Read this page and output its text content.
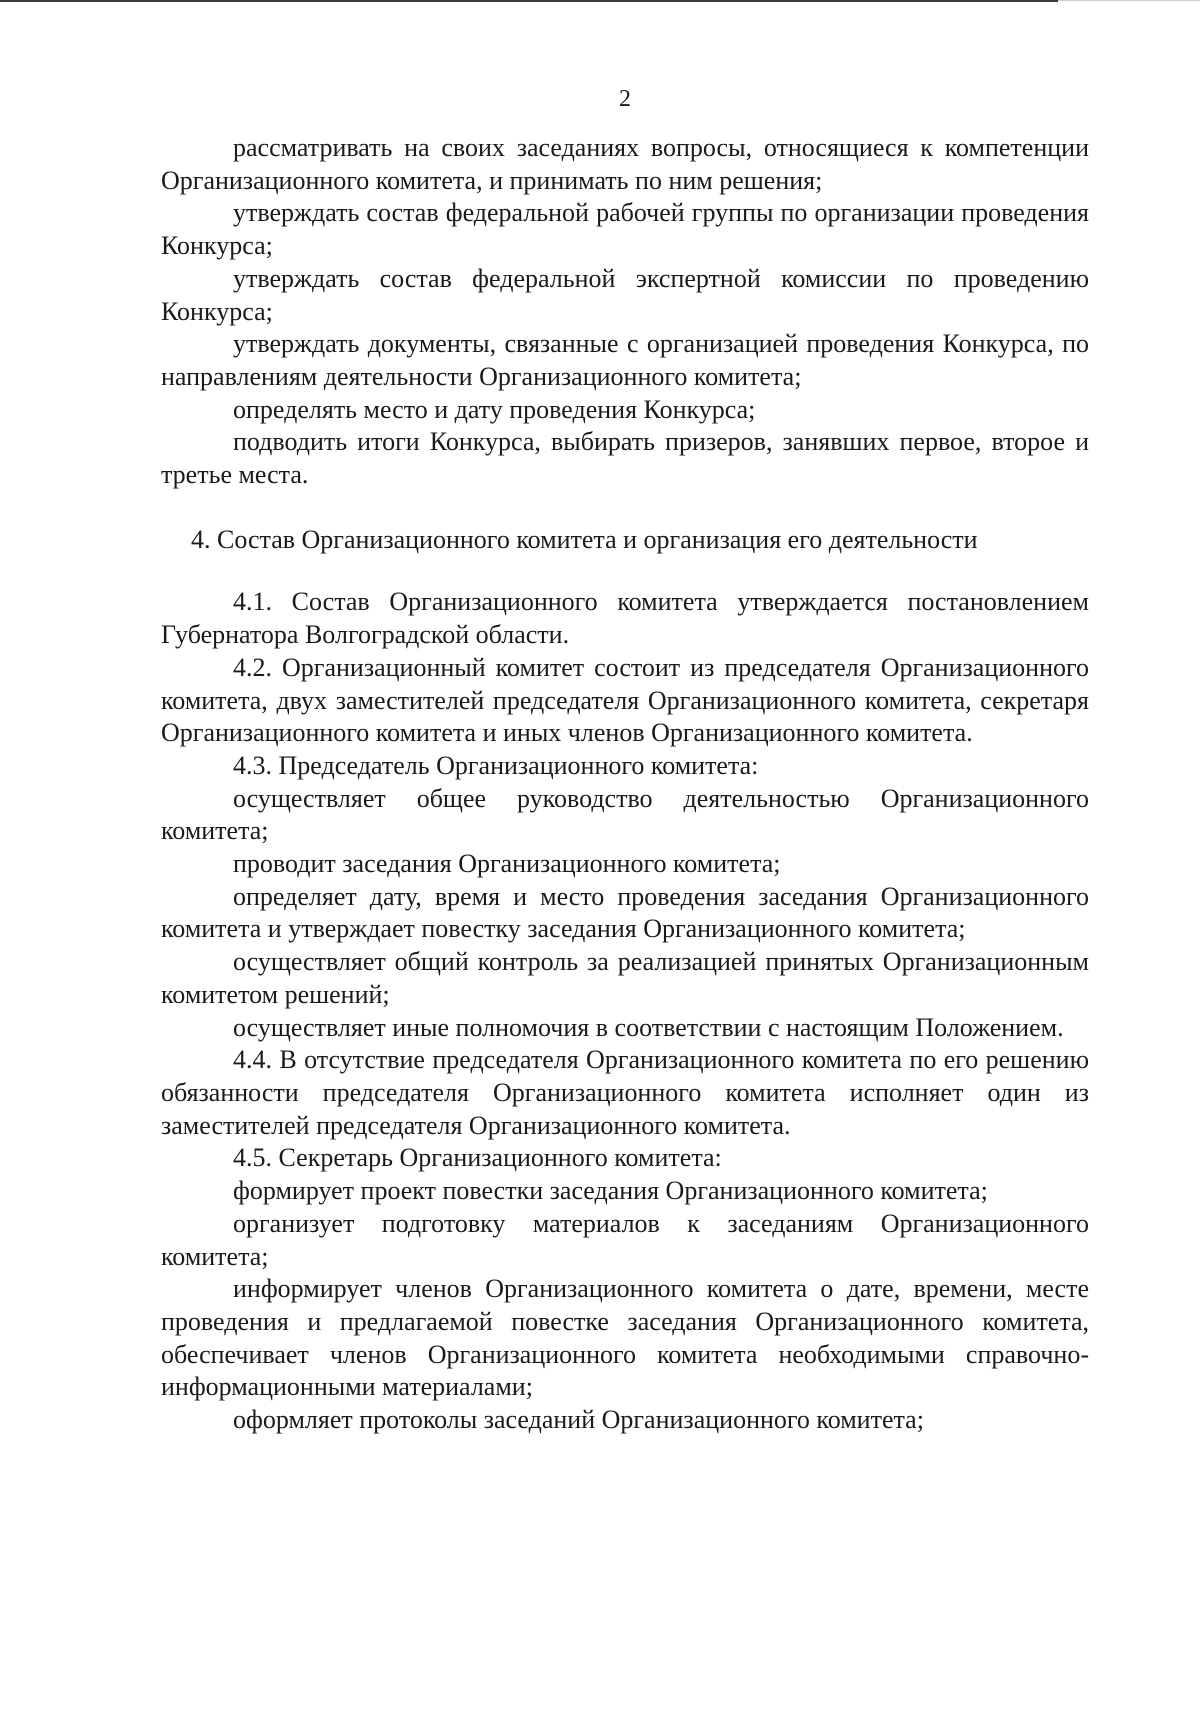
2

рассматривать на своих заседаниях вопросы, относящиеся к компетенции Организационного комитета, и принимать по ним решения;

утверждать состав федеральной рабочей группы по организации проведения Конкурса;

утверждать состав федеральной экспертной комиссии по проведению Конкурса;

утверждать документы, связанные с организацией проведения Конкурса, по направлениям деятельности Организационного комитета;

определять место и дату проведения Конкурса;

подводить итоги Конкурса, выбирать призеров, занявших первое, второе и третье места.

4. Состав Организационного комитета и организация его деятельности

4.1. Состав Организационного комитета утверждается постановлением Губернатора Волгоградской области.

4.2. Организационный комитет состоит из председателя Организационного комитета, двух заместителей председателя Организационного комитета, секретаря Организационного комитета и иных членов Организационного комитета.

4.3. Председатель Организационного комитета:

осуществляет общее руководство деятельностью Организационного комитета;

проводит заседания Организационного комитета;

определяет дату, время и место проведения заседания Организационного комитета и утверждает повестку заседания Организационного комитета;

осуществляет общий контроль за реализацией принятых Организационным комитетом решений;

осуществляет иные полномочия в соответствии с настоящим Положением.

4.4. В отсутствие председателя Организационного комитета по его решению обязанности председателя Организационного комитета исполняет один из заместителей председателя Организационного комитета.

4.5. Секретарь Организационного комитета:

формирует проект повестки заседания Организационного комитета;

организует подготовку материалов к заседаниям Организационного комитета;

информирует членов Организационного комитета о дате, времени, месте проведения и предлагаемой повестке заседания Организационного комитета, обеспечивает членов Организационного комитета необходимыми справочно-информационными материалами;

оформляет протоколы заседаний Организационного комитета;
